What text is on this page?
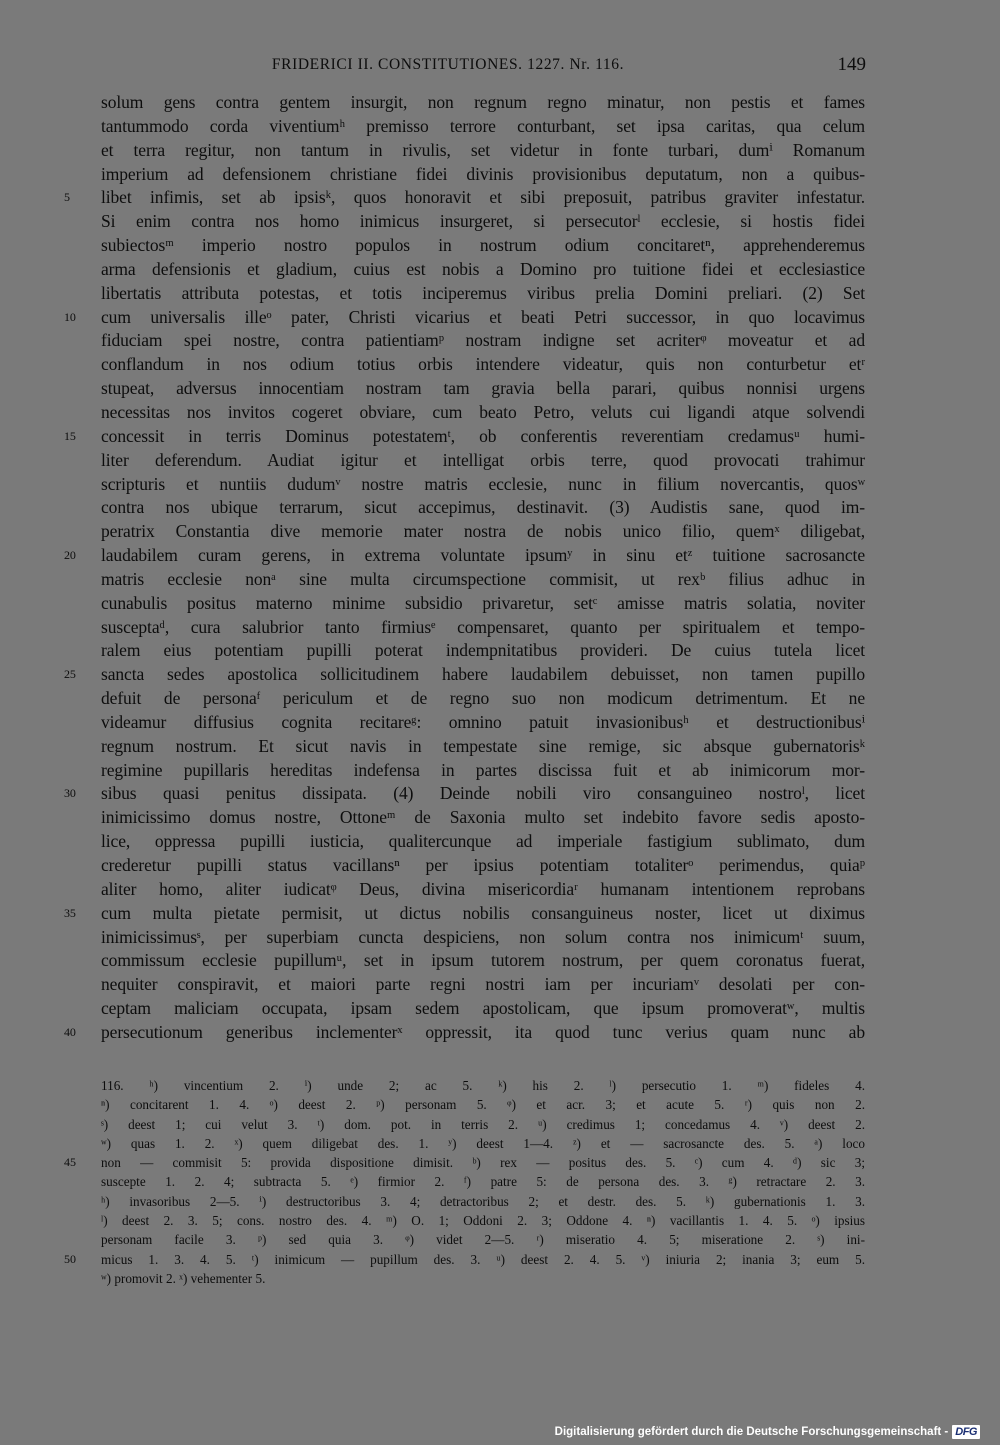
FRIDERICI II. CONSTITUTIONES. 1227. Nr. 116.	149
solum gens contra gentem insurgit, non regnum regno minatur, non pestis et fames
tantummodo corda viventiumʰ premisso terrore conturbant, set ipsa caritas, qua celum
et terra regitur, non tantum in rivulis, set videtur in fonte turbari, dumⁱ Romanum
imperium ad defensionem christiane fidei divinis provisionibus deputatum, non a quibus-
5	libet infimis, set ab ipsisᵏ, quos honoravit et sibi preposuit, patribus graviter infestatur.
Si enim contra nos homo inimicus insurgeret, si persecutorˡ ecclesie, si hostis fidei
subiectosᵐ imperio nostro populos in nostrum odium concitaretⁿ, apprehenderemus
arma defensionis et gladium, cuius est nobis a Domino pro tuitione fidei et ecclesiastice
libertatis attributa potestas, et totis inciperemus viribus prelia Domini preliari. (2) Set
10	cum universalis illeᵒ pater, Christi vicarius et beati Petri successor, in quo locavimus
fiduciam spei nostre, contra patientiamᵖ nostram indigne set acriterᵠ moveatur et ad
conflandum in nos odium totius orbis intendere videatur, quis non conturbetur etʳ
stupeat, adversus innocentiam nostram tam gravia bella parari, quibus nonnisi urgens
necessitas nos invitos cogeret obviare, cum beato Petro, veluts cui ligandi atque solvendi
15	concessit in terris Dominus potestatemᵗ, ob conferentis reverentiam credamusᵘ humi-
liter deferendum. Audiat igitur et intelligat orbis terre, quod provocati trahimur
scripturis et nuntiis dudumᵛ nostre matris ecclesie, nunc in filium novercantis, quosʷ
contra nos ubique terrarum, sicut accepimus, destinavit. (3) Audistis sane, quod im-
peratrix Constantia dive memorie mater nostra de nobis unico filio, quemˣ diligebat,
20	laudabilem curam gerens, in extrema voluntate ipsumʸ in sinu etᶻ tuitione sacrosancte
matris ecclesie nonᵃ sine multa circumspectione commisit, ut rexᵇ filius adhuc in
cunabulis positus materno minime subsidio privaretur, setᶜ amisse matris solatia, noviter
susceptaᵈ, cura salubrior tanto firmiusᵉ compensaret, quanto per spiritualem et tempo-
ralem eius potentiam pupilli poterat indempnitatibus provideri. De cuius tutela licet
25	sancta sedes apostolica sollicitudinem habere laudabilem debuisset, non tamen pupillo
defuit de personaᶠ periculum et de regno suo non modicum detrimentum. Et ne
videamur diffusius cognita recitareᵍ: omnino patuit invasionibusʰ et destructionibusⁱ
regnum nostrum. Et sicut navis in tempestate sine remige, sic absque gubernatorisᵏ
regimine pupillaris hereditas indefensa in partes discissa fuit et ab inimicorum mor-
30	sibus quasi penitus dissipata. (4) Deinde nobili viro consanguineo nostroˡ, licet
inimicissimo domus nostre, Ottoneᵐ de Saxonia multo set indebito favore sedis aposto-
lice, oppressa pupilli iusticia, qualitercunque ad imperiale fastigium sublimato, dum
crederetur pupilli status vacillansⁿ per ipsius potentiam totaliterᵒ perimendus, quiaᵖ
aliter homo, aliter iudicatᵠ Deus, divina misericordiaʳ humanam intentionem reprobans
35	cum multa pietate permisit, ut dictus nobilis consanguineus noster, licet ut diximus
inimicissimusˢ, per superbiam cuncta despiciens, non solum contra nos inimicumᵗ suum,
commissum ecclesie pupillumᵘ, set in ipsum tutorem nostrum, per quem coronatus fuerat,
nequiter conspiravit, et maiori parte regni nostri iam per incuriamᵛ desolati per con-
ceptam maliciam occupata, ipsam sedem apostolicam, que ipsum promoveratʷ, multis
40	persecutionum generibus inclementerˣ oppressit, ita quod tunc verius quam nunc ab
116. ʰ) vincentium 2. ⁱ) unde 2; ac 5. ᵏ) his 2. ˡ) persecutio 1. ᵐ) fideles 4.
ⁿ) concitarent 1. 4. ᵒ) deest 2. ᵖ) personam 5. ᵠ) et acr. 3; et acute 5. ʳ) quis non 2.
ˢ) deest 1; cui velut 3. ᵗ) dom. pot. in terris 2. ᵘ) credimus 1; concedamus 4. ᵛ) deest 2.
ʷ) quas 1. 2. ˣ) quem diligebat des. 1. ʸ) deest 1—4. ᶻ) et — sacrosancte des. 5. ᵃ) loco
45 non — commisit 5: provida dispositione dimisit. ᵇ) rex — positus des. 5. ᶜ) cum 4. ᵈ) sic 3;
suscepte 1. 2. 4; subtracta 5. ᵉ) firmior 2. ᶠ) patre 5: de persona des. 3. ᵍ) retractare 2. 3.
ʰ) invasoribus 2—5. ⁱ) destructoribus 3. 4; detractoribus 2; et destr. des. 5. ᵏ) gubernationis 1. 3.
ˡ) deest 2. 3. 5; cons. nostro des. 4. ᵐ) O. 1; Oddoni 2. 3; Oddone 4. ⁿ) vacillantis 1. 4. 5. ᵒ) ipsius
personam facile 3. ᵖ) sed quia 3. ᵠ) videt 2—5. ʳ) miseratio 4. 5; miseratione 2. ˢ) ini-
50 micus 1. 3. 4. 5. ᵗ) inimicum — pupillum des. 3. ᵘ) deest 2. 4. 5. ᵛ) iniuria 2; inania 3; eum 5.
ʷ) promovit 2. ˣ) vehementer 5.
Digitalisierung gefördert durch die Deutsche Forschungsgemeinschaft - DFG
